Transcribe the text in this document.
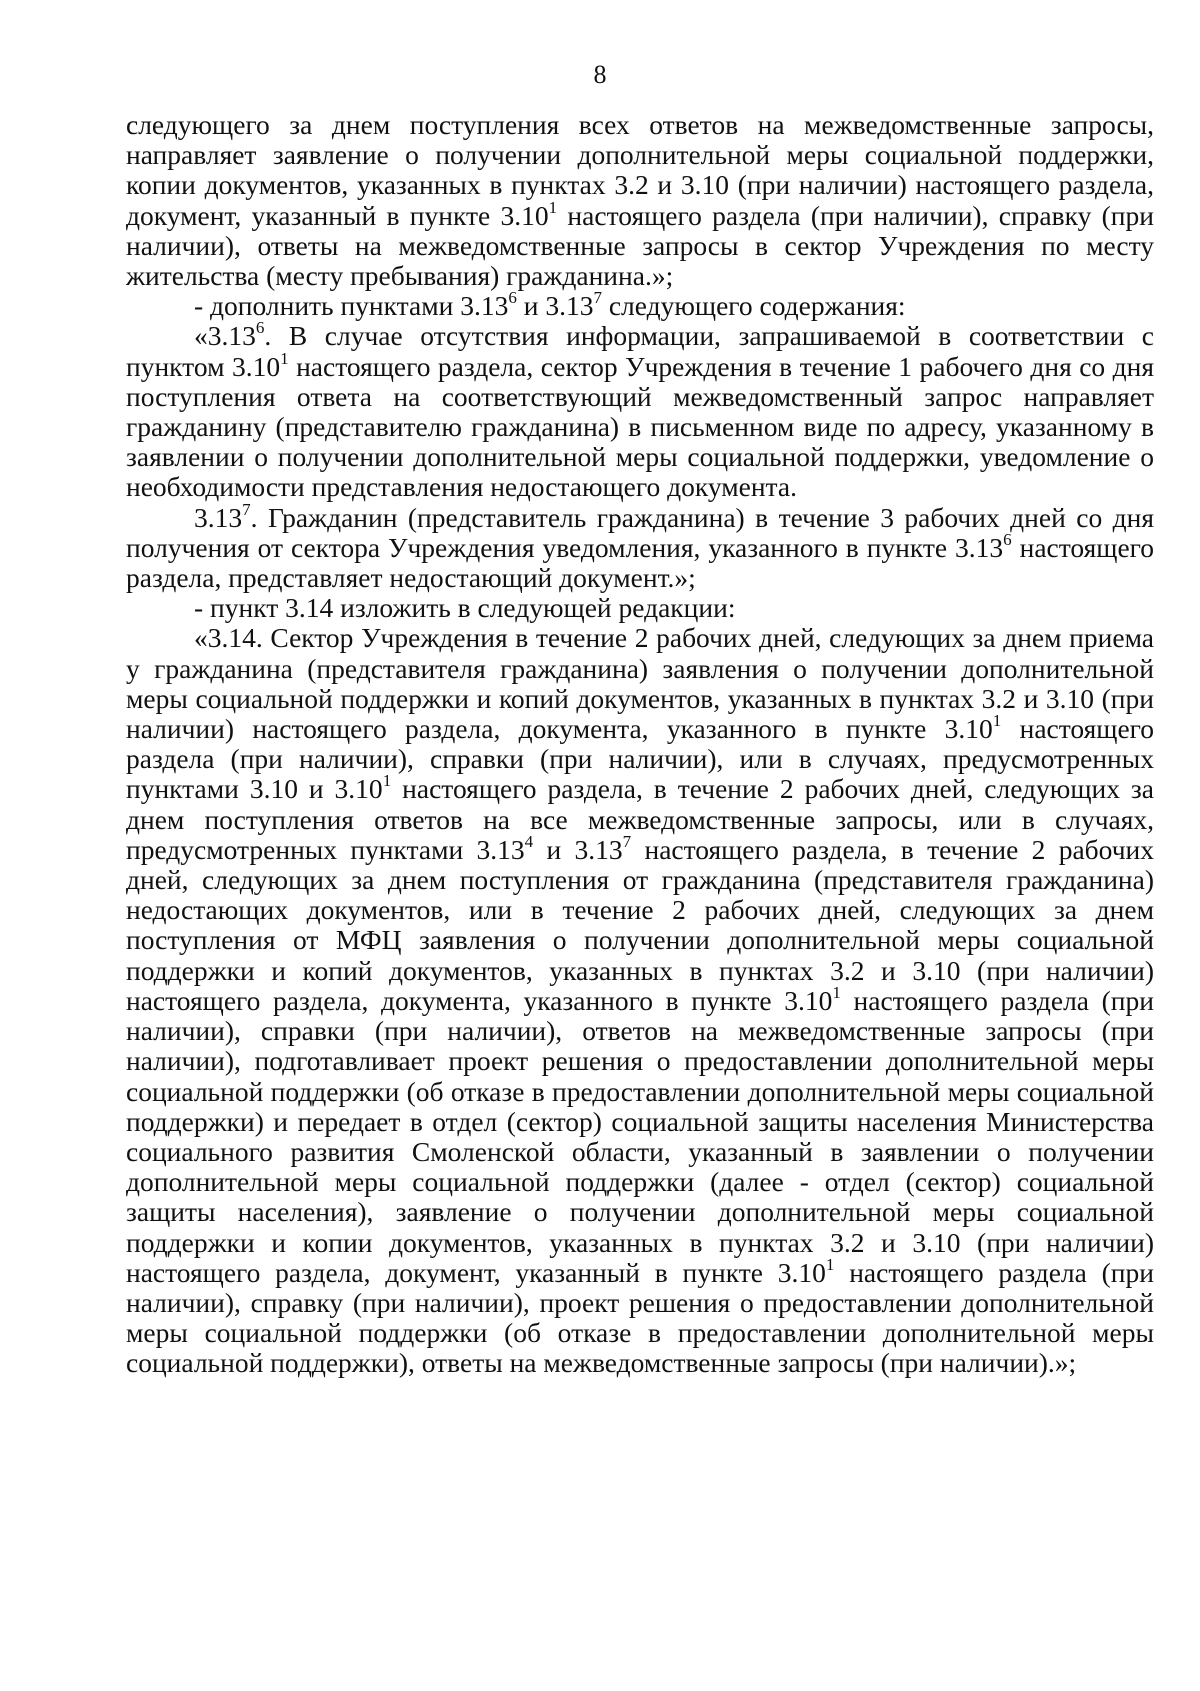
8

следующего за днем поступления всех ответов на межведомственные запросы, направляет заявление о получении дополнительной меры социальной поддержки, копии документов, указанных в пунктах 3.2 и 3.10 (при наличии) настоящего раздела, документ, указанный в пункте 3.10$^1$ настоящего раздела (при наличии), справку (при наличии), ответы на межведомственные запросы в сектор Учреждения по месту жительства (месту пребывания) гражданина.»;

- дополнить пунктами 3.13$^6$ и 3.13$^7$ следующего содержания:

«3.13$^6$. В случае отсутствия информации, запрашиваемой в соответствии с пунктом 3.10$^1$ настоящего раздела, сектор Учреждения в течение 1 рабочего дня со дня поступления ответа на соответствующий межведомственный запрос направляет гражданину (представителю гражданина) в письменном виде по адресу, указанному в заявлении о получении дополнительной меры социальной поддержки, уведомление о необходимости представления недостающего документа.

3.13$^7$. Гражданин (представитель гражданина) в течение 3 рабочих дней со дня получения от сектора Учреждения уведомления, указанного в пункте 3.13$^6$ настоящего раздела, представляет недостающий документ.»;

- пункт 3.14 изложить в следующей редакции:

«3.14. Сектор Учреждения в течение 2 рабочих дней, следующих за днем приема у гражданина (представителя гражданина) заявления о получении дополнительной меры социальной поддержки и копий документов, указанных в пунктах 3.2 и 3.10 (при наличии) настоящего раздела, документа, указанного в пункте 3.10$^1$ настоящего раздела (при наличии), справки (при наличии), или в случаях, предусмотренных пунктами 3.10 и 3.10$^1$ настоящего раздела, в течение 2 рабочих дней, следующих за днем поступления ответов на все межведомственные запросы, или в случаях, предусмотренных пунктами 3.13$^4$ и 3.13$^7$ настоящего раздела, в течение 2 рабочих дней, следующих за днем поступления от гражданина (представителя гражданина) недостающих документов, или в течение 2 рабочих дней, следующих за днем поступления от МФЦ заявления о получении дополнительной меры социальной поддержки и копий документов, указанных в пунктах 3.2 и 3.10 (при наличии) настоящего раздела, документа, указанного в пункте 3.10$^1$ настоящего раздела (при наличии), справки (при наличии), ответов на межведомственные запросы (при наличии), подготавливает проект решения о предоставлении дополнительной меры социальной поддержки (об отказе в предоставлении дополнительной меры социальной поддержки) и передает в отдел (сектор) социальной защиты населения Министерства социального развития Смоленской области, указанный в заявлении о получении дополнительной меры социальной поддержки (далее - отдел (сектор) социальной защиты населения), заявление о получении дополнительной меры социальной поддержки и копии документов, указанных в пунктах 3.2 и 3.10 (при наличии) настоящего раздела, документ, указанный в пункте 3.10$^1$ настоящего раздела (при наличии), справку (при наличии), проект решения о предоставлении дополнительной меры социальной поддержки (об отказе в предоставлении дополнительной меры социальной поддержки), ответы на межведомственные запросы (при наличии).»;
